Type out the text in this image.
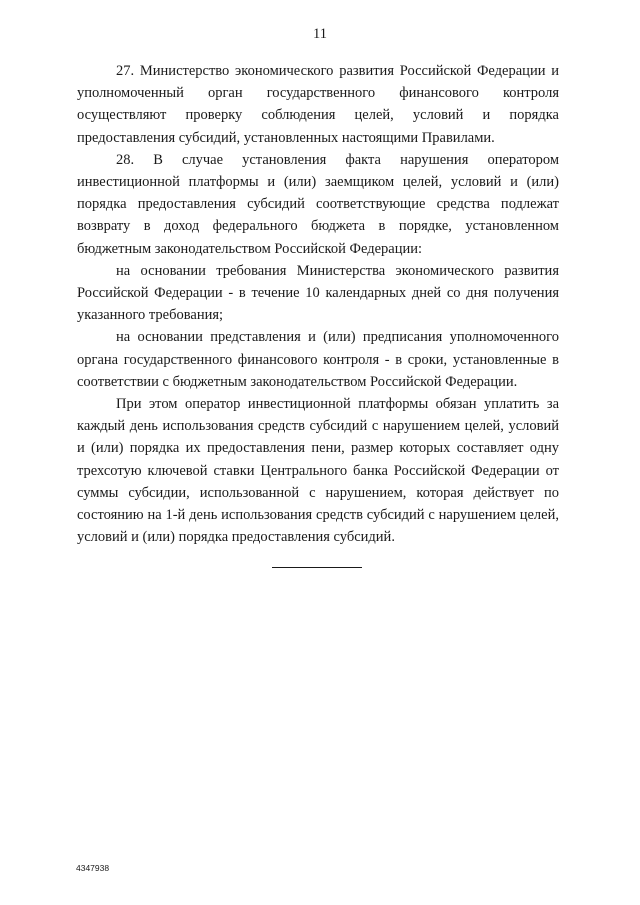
11

27. Министерство экономического развития Российской Федерации и уполномоченный орган государственного финансового контроля осуществляют проверку соблюдения целей, условий и порядка предоставления субсидий, установленных настоящими Правилами.

28. В случае установления факта нарушения оператором инвестиционной платформы и (или) заемщиком целей, условий и (или) порядка предоставления субсидий соответствующие средства подлежат возврату в доход федерального бюджета в порядке, установленном бюджетным законодательством Российской Федерации:

на основании требования Министерства экономического развития Российской Федерации - в течение 10 календарных дней со дня получения указанного требования;

на основании представления и (или) предписания уполномоченного органа государственного финансового контроля - в сроки, установленные в соответствии с бюджетным законодательством Российской Федерации.

При этом оператор инвестиционной платформы обязан уплатить за каждый день использования средств субсидий с нарушением целей, условий и (или) порядка их предоставления пени, размер которых составляет одну трехсотую ключевой ставки Центрального банка Российской Федерации от суммы субсидии, использованной с нарушением, которая действует по состоянию на 1-й день использования средств субсидий с нарушением целей, условий и (или) порядка предоставления субсидий.

4347938
